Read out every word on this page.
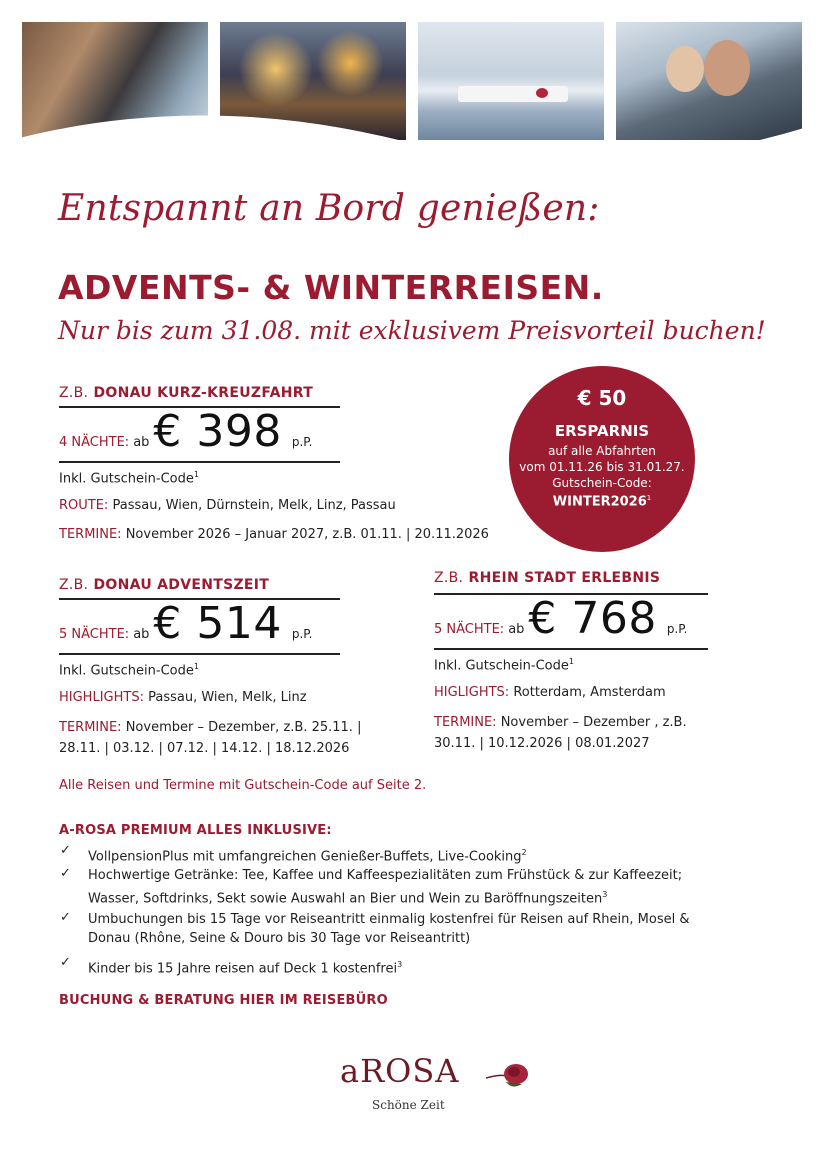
Entspannt an Bord genießen:
ADVENTS- & WINTERREISEN.
Nur bis zum 31.08. mit exklusivem Preisvorteil buchen!
€ 50
ERSPARNIS
auf alle Abfahrten
vom 01.11.26 bis 31.01.27.
Gutschein-Code:
WINTER2026$^1$
Z.B. DONAU KURZ-KREUZFAHRT
4 NÄCHTE: ab€ 398 p.P.
Inkl. Gutschein-Code$^1$
ROUTE: Passau, Wien, Dürnstein, Melk, Linz, Passau
TERMINE: November 2026 – Januar 2027, z.B. 01.11. | 20.11.2026
Z.B. DONAU ADVENTSZEIT
5 NÄCHTE: ab€ 514 p.P.
Inkl. Gutschein-Code$^1$
HIGHLIGHTS: Passau, Wien, Melk, Linz
TERMINE: November – Dezember, z.B. 25.11. |
28.11. | 03.12. | 07.12. | 14.12. | 18.12.2026
Z.B. RHEIN STADT ERLEBNIS
5 NÄCHTE: ab€ 768 p.P.
Inkl. Gutschein-Code$^1$
HIGLIGHTS: Rotterdam, Amsterdam
TERMINE: November – Dezember , z.B.
30.11. | 10.12.2026 | 08.01.2027
Alle Reisen und Termine mit Gutschein-Code auf Seite 2.
A-ROSA PREMIUM ALLES INKLUSIVE:
✓ VollpensionPlus mit umfangreichen Genießer-Buffets, Live-Cooking$^2$
✓ Hochwertige Getränke: Tee, Kaffee und Kaffeespezialitäten zum Frühstück & zur Kaffeezeit;
Wasser, Softdrinks, Sekt sowie Auswahl an Bier und Wein zu Baröffnungszeiten$^3$
✓ Umbuchungen bis 15 Tage vor Reiseantritt einmalig kostenfrei für Reisen auf Rhein, Mosel &
Donau (Rhône, Seine & Douro bis 30 Tage vor Reiseantritt)
✓ Kinder bis 15 Jahre reisen auf Deck 1 kostenfrei$^3$
BUCHUNG & BERATUNG HIER IM REISEBÜRO
aROSA
Schöne Zeit
